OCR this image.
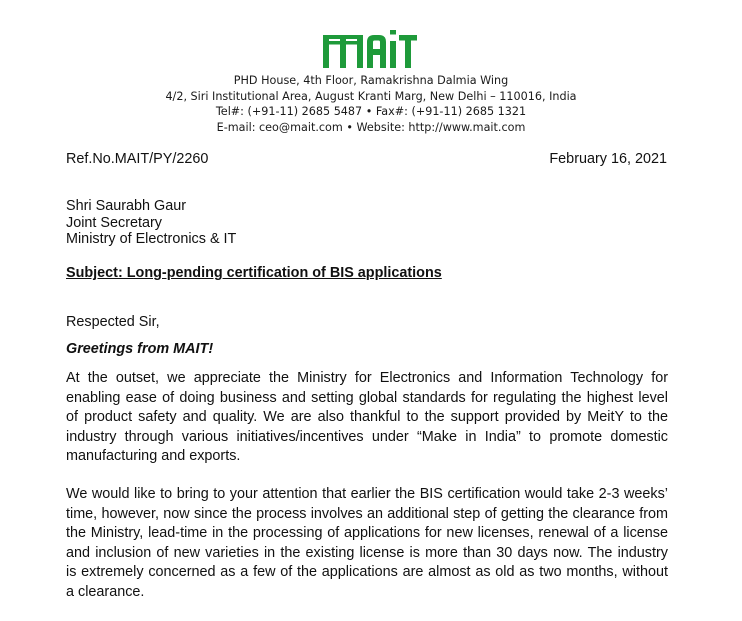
PHD House, 4th Floor, Ramakrishna Dalmia Wing
4/2, Siri Institutional Area, August Kranti Marg, New Delhi – 110016, India
Tel#: (+91-11) 2685 5487 • Fax#: (+91-11) 2685 1321
E-mail: ceo@mait.com • Website: http://www.mait.com
Ref.No.MAIT/PY/2260	February 16, 2021
Shri Saurabh Gaur
Joint Secretary
Ministry of Electronics & IT
Subject: Long-pending certification of BIS applications
Respected Sir,
Greetings from MAIT!
At the outset, we appreciate the Ministry for Electronics and Information Technology for
enabling ease of doing business and setting global standards for regulating the highest level
of product safety and quality. We are also thankful to the support provided by MeitY to the
industry through various initiatives/incentives under “Make in India” to promote domestic
manufacturing and exports.
We would like to bring to your attention that earlier the BIS certification would take 2-3 weeks’
time, however, now since the process involves an additional step of getting the clearance from
the Ministry, lead-time in the processing of applications for new licenses, renewal of a license
and inclusion of new varieties in the existing license is more than 30 days now. The industry
is extremely concerned as a few of the applications are almost as old as two months, without
a clearance.
